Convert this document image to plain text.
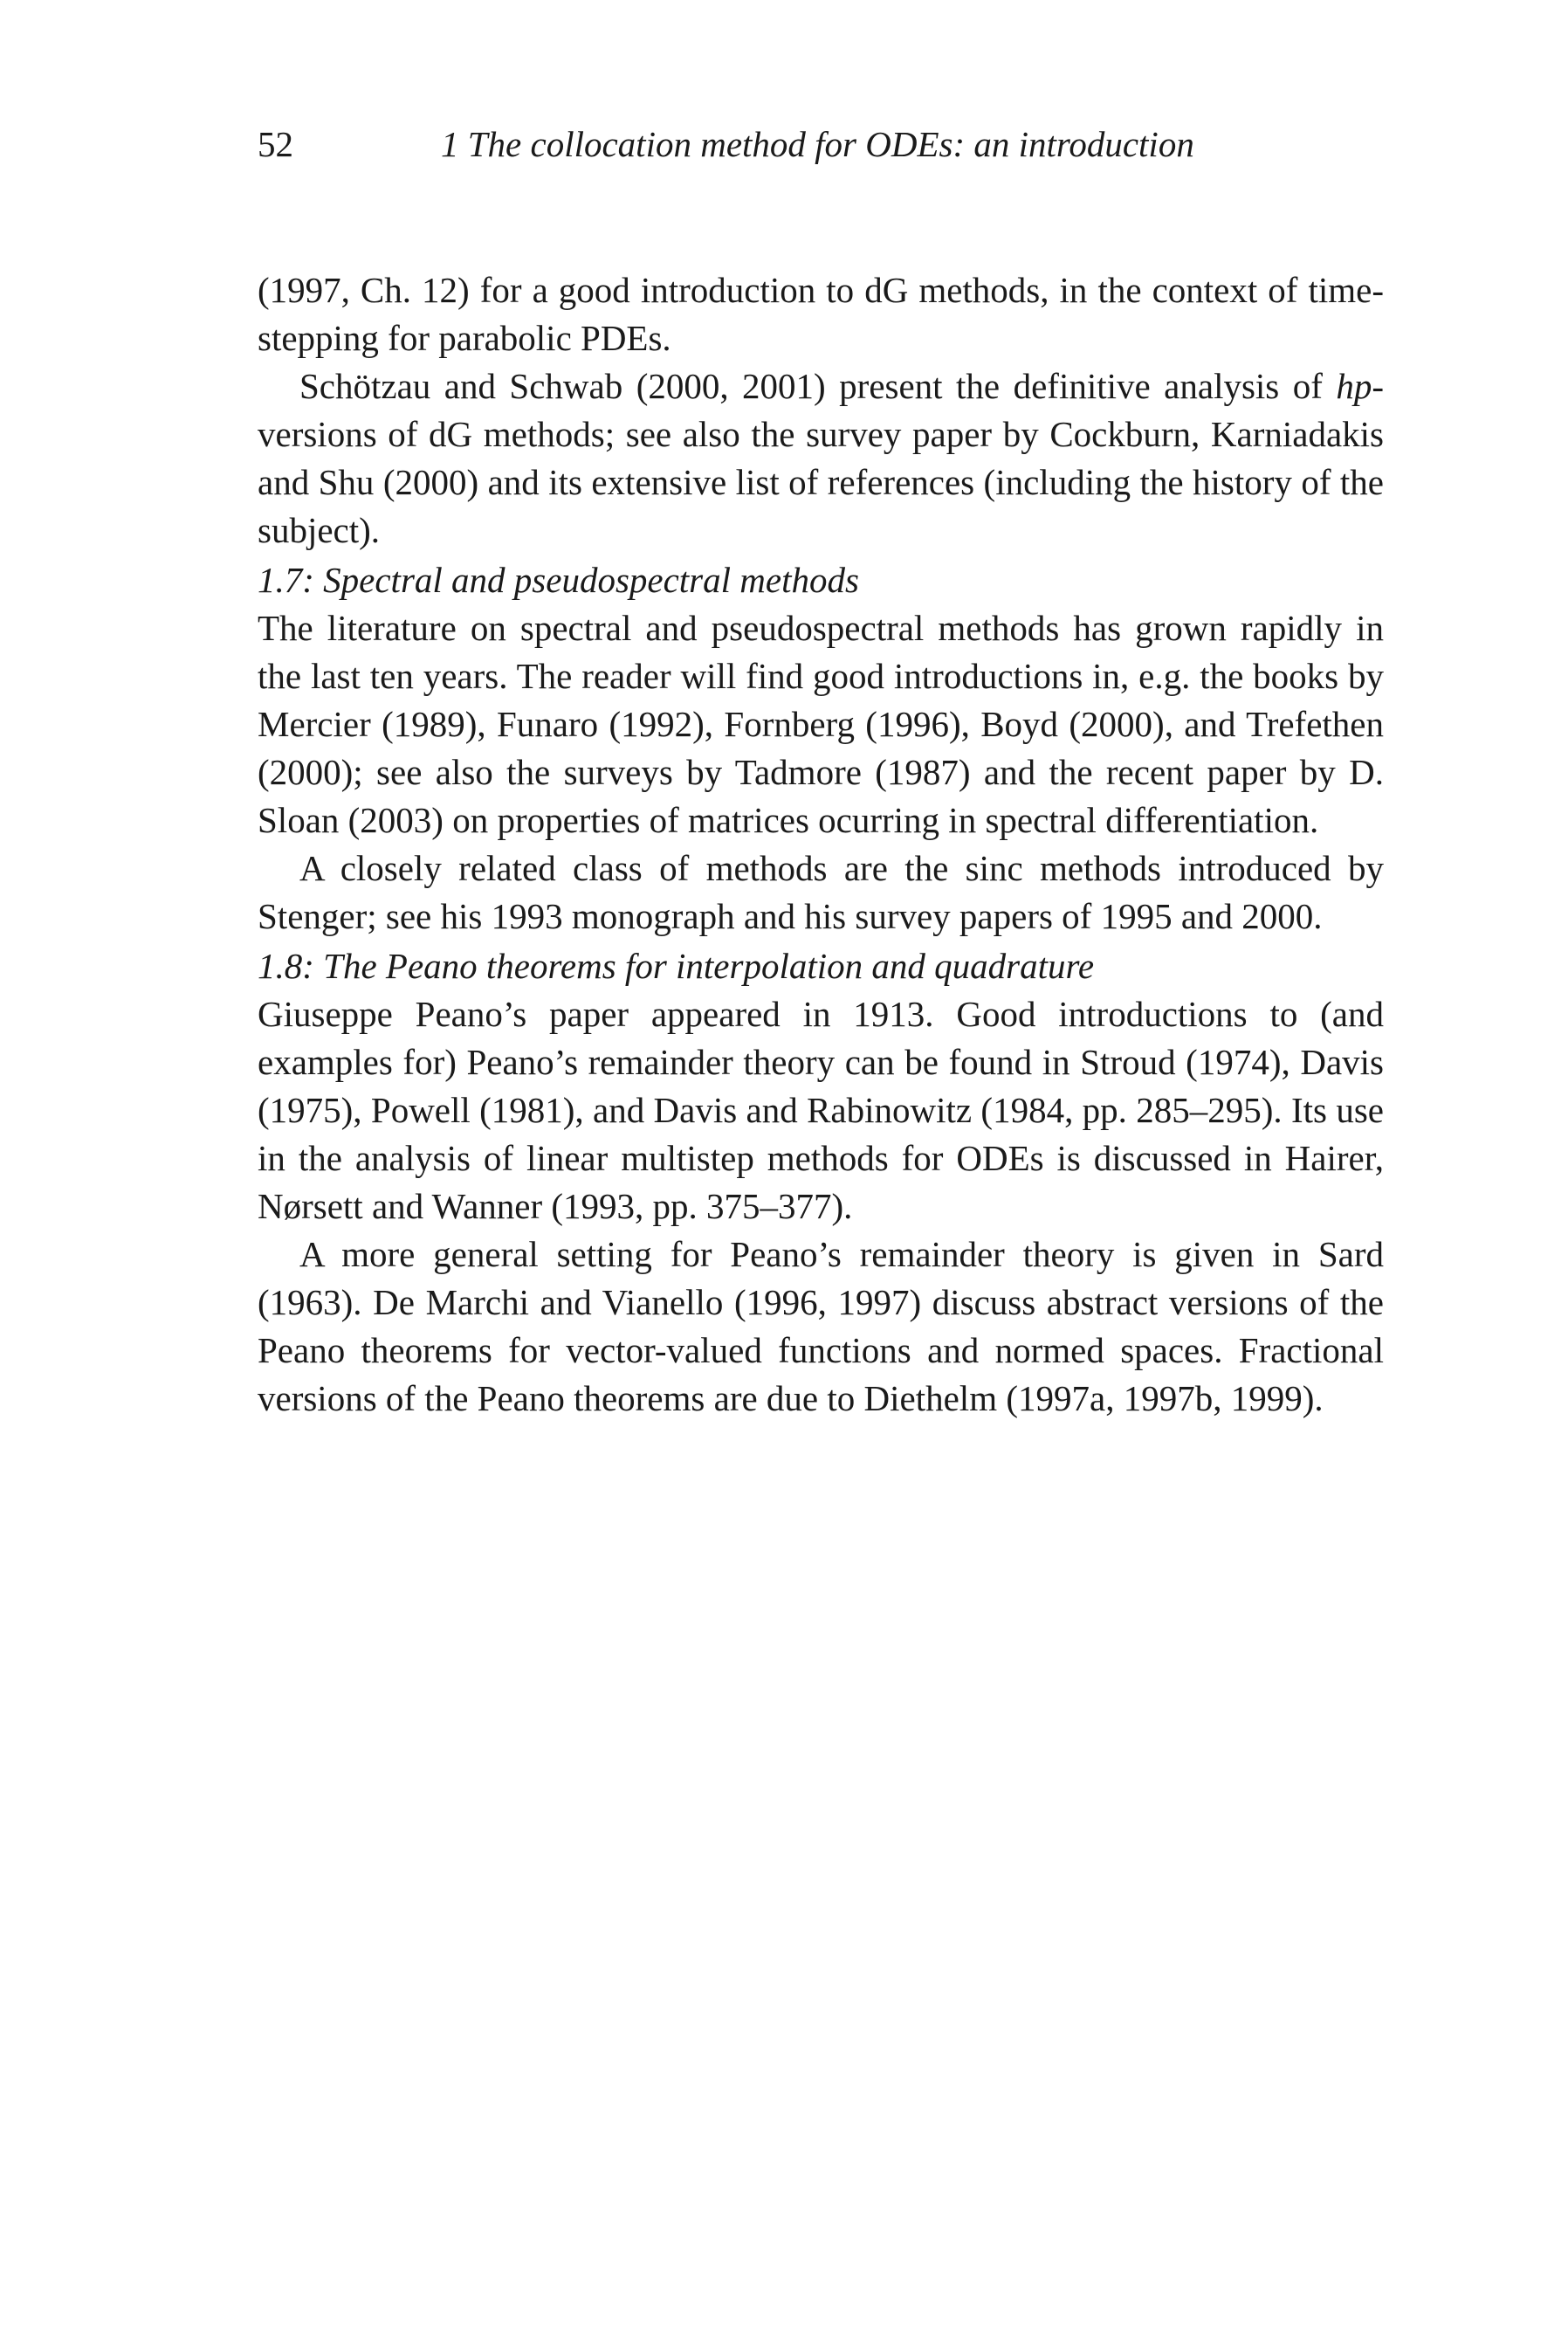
52	1 The collocation method for ODEs: an introduction

(1997, Ch. 12) for a good introduction to dG methods, in the context of time-stepping for parabolic PDEs.

Schötzau and Schwab (2000, 2001) present the definitive analysis of hp-versions of dG methods; see also the survey paper by Cockburn, Karniadakis and Shu (2000) and its extensive list of references (including the history of the subject).

1.7: Spectral and pseudospectral methods

The literature on spectral and pseudospectral methods has grown rapidly in the last ten years. The reader will find good introductions in, e.g. the books by Mercier (1989), Funaro (1992), Fornberg (1996), Boyd (2000), and Trefethen (2000); see also the surveys by Tadmore (1987) and the recent paper by D. Sloan (2003) on properties of matrices ocurring in spectral differentiation.

A closely related class of methods are the sinc methods introduced by Stenger; see his 1993 monograph and his survey papers of 1995 and 2000.

1.8: The Peano theorems for interpolation and quadrature

Giuseppe Peano’s paper appeared in 1913. Good introductions to (and examples for) Peano’s remainder theory can be found in Stroud (1974), Davis (1975), Powell (1981), and Davis and Rabinowitz (1984, pp. 285–295). Its use in the analysis of linear multistep methods for ODEs is discussed in Hairer, Nørsett and Wanner (1993, pp. 375–377).

A more general setting for Peano’s remainder theory is given in Sard (1963). De Marchi and Vianello (1996, 1997) discuss abstract versions of the Peano theorems for vector-valued functions and normed spaces. Fractional versions of the Peano theorems are due to Diethelm (1997a, 1997b, 1999).
